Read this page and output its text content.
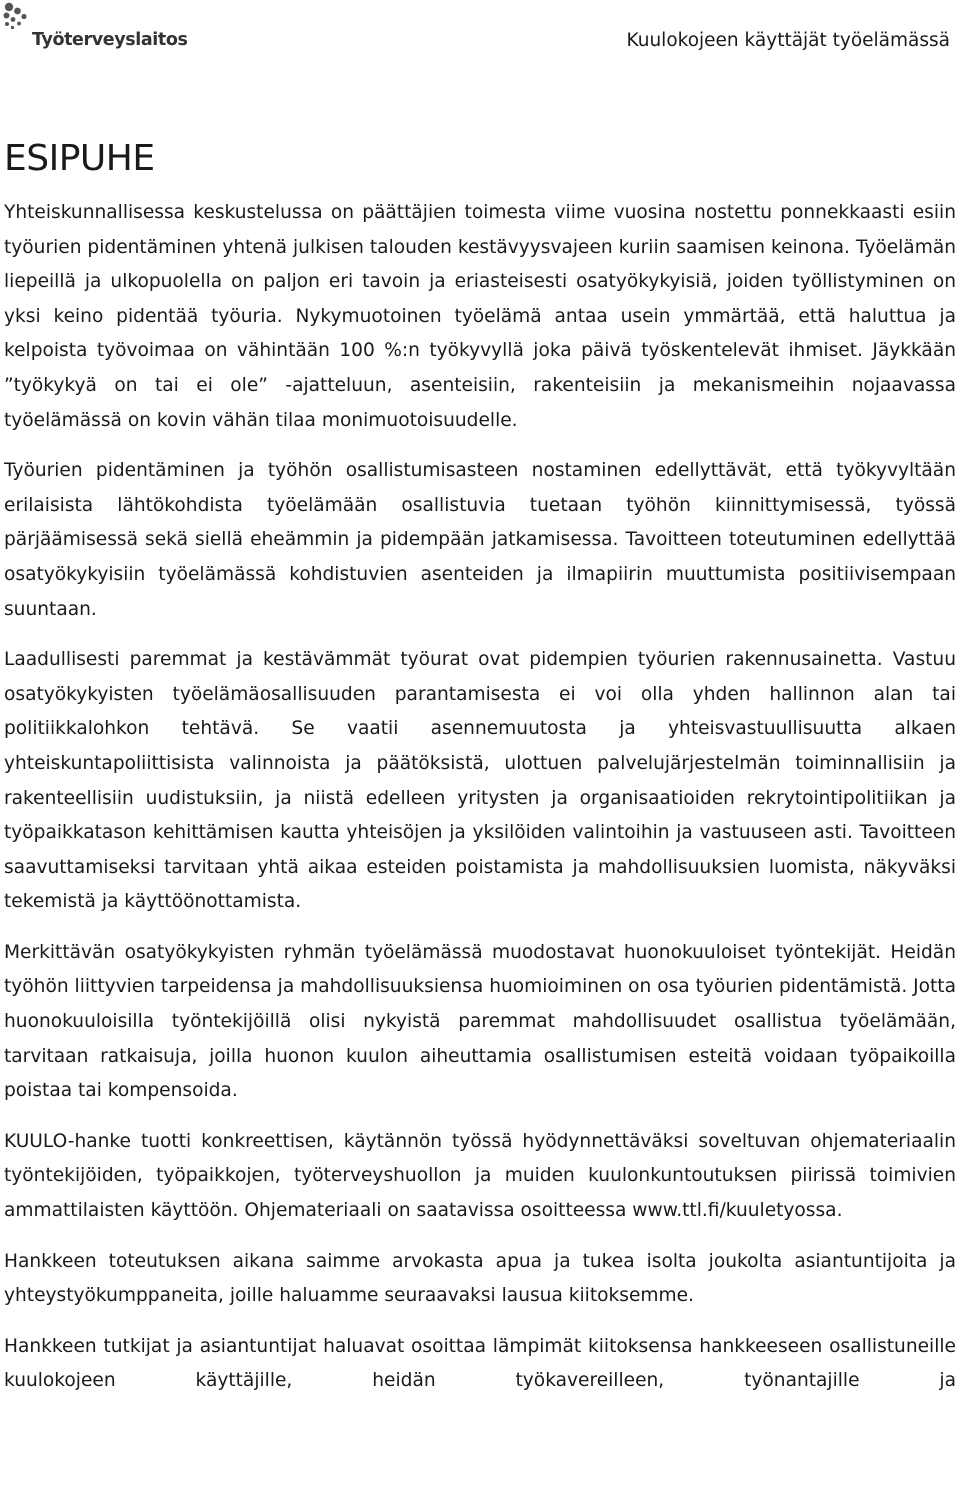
Työterveyslaitos	Kuulokojeen käyttäjät työelämässä
ESIPUHE

Yhteiskunnallisessa keskustelussa on päättäjien toimesta viime vuosina nostettu ponnekkaasti esiin työurien pidentäminen yhtenä julkisen talouden kestävyysvajeen kuriin saamisen keinona. Työelämän liepeillä ja ulkopuolella on paljon eri tavoin ja eriasteisesti osatyökykyisiä, joiden työllistyminen on yksi keino pidentää työuria. Nykymuotoinen työelämä antaa usein ymmärtää, että haluttua ja kelpoista työvoimaa on vähintään 100 %:n työkyvyllä joka päivä työskentelevät ihmiset. Jäykkään ”työkykyä on tai ei ole” -ajatteluun, asenteisiin, rakenteisiin ja mekanismeihin nojaavassa työelämässä on kovin vähän tilaa monimuotoisuudelle.

Työurien pidentäminen ja työhön osallistumisasteen nostaminen edellyttävät, että työkyvyltään erilaisista lähtökohdista työelämään osallistuvia tuetaan työhön kiinnittymisessä, työssä pärjäämisessä sekä siellä eheämmin ja pidempään jatkamisessa. Tavoitteen toteutuminen edellyttää osatyökykyisiin työelämässä kohdistuvien asenteiden ja ilmapiirin muuttumista positiivisempaan suuntaan.

Laadullisesti paremmat ja kestävämmät työurat ovat pidempien työurien rakennusainetta. Vastuu osatyökykyisten työelämäosallisuuden parantamisesta ei voi olla yhden hallinnon alan tai politiikkalohkon tehtävä. Se vaatii asennemuutosta ja yhteisvastuullisuutta alkaen yhteiskuntapoliittisista valinnoista ja päätöksistä, ulottuen palvelujärjestelmän toiminnallisiin ja rakenteellisiin uudistuksiin, ja niistä edelleen yritysten ja organisaatioiden rekrytointipolitiikan ja työpaikkatason kehittämisen kautta yhteisöjen ja yksilöiden valintoihin ja vastuuseen asti. Tavoitteen saavuttamiseksi tarvitaan yhtä aikaa esteiden poistamista ja mahdollisuuksien luomista, näkyväksi tekemistä ja käyttöönottamista.

Merkittävän osatyökykyisten ryhmän työelämässä muodostavat huonokuuloiset työntekijät. Heidän työhön liittyvien tarpeidensa ja mahdollisuuksiensa huomioiminen on osa työurien pidentämistä. Jotta huonokuuloisilla työntekijöillä olisi nykyistä paremmat mahdollisuudet osallistua työelämään, tarvitaan ratkaisuja, joilla huonon kuulon aiheuttamia osallistumisen esteitä voidaan työpaikoilla poistaa tai kompensoida.

KUULO-hanke tuotti konkreettisen, käytännön työssä hyödynnettäväksi soveltuvan ohjemateriaalin työntekijöiden, työpaikkojen, työterveyshuollon ja muiden kuulonkuntoutuksen piirissä toimivien ammattilaisten käyttöön. Ohjemateriaali on saatavissa osoitteessa www.ttl.fi/kuuletyossa.

Hankkeen toteutuksen aikana saimme arvokasta apua ja tukea isolta joukolta asiantuntijoita ja yhteystyökumppaneita, joille haluamme seuraavaksi lausua kiitoksemme.

Hankkeen tutkijat ja asiantuntijat haluavat osoittaa lämpimät kiitoksensa hankkeeseen osallistuneille kuulokojeen käyttäjille, heidän työkavereilleen, työnantajille ja
